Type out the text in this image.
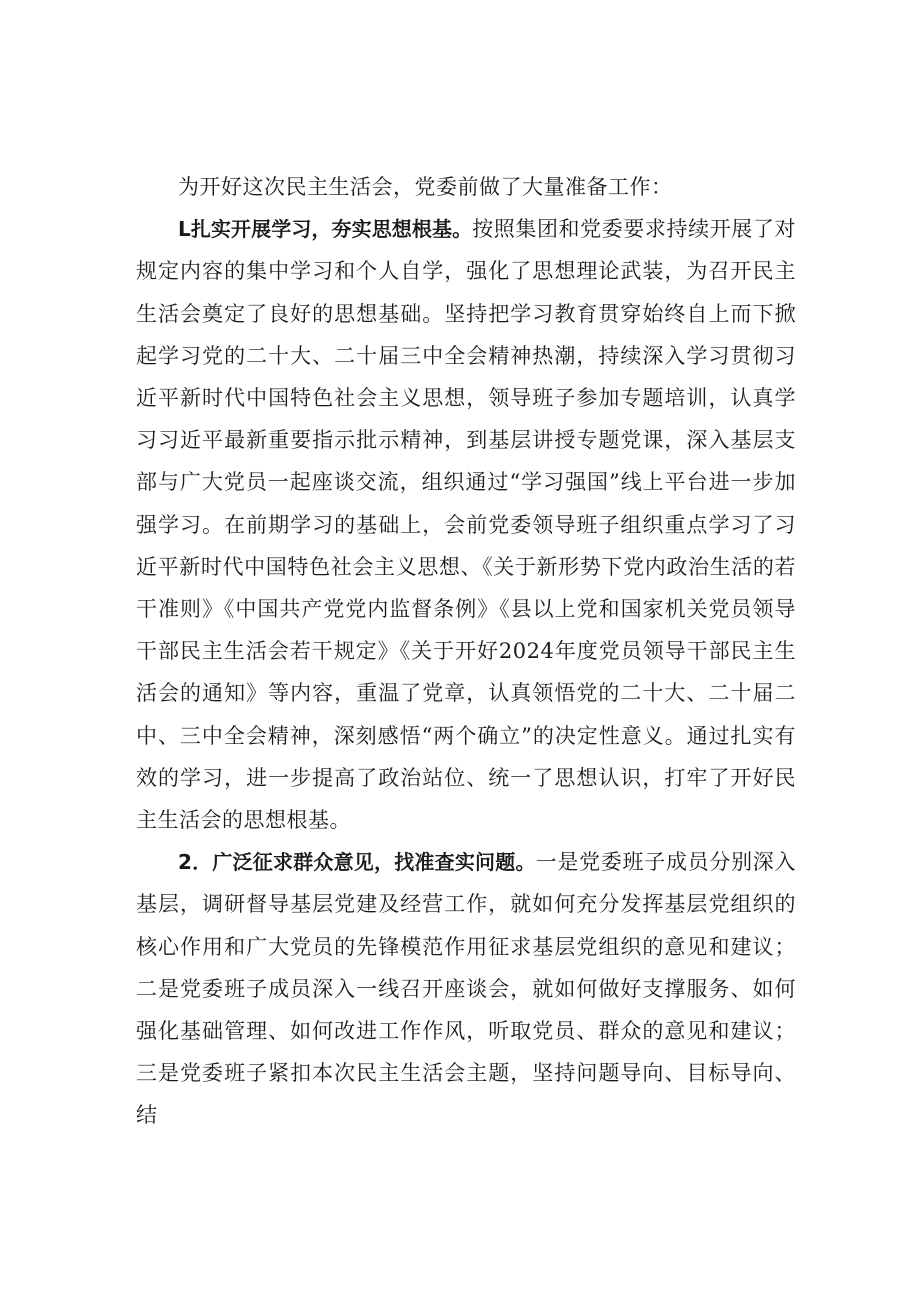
为开好这次民主生活会，党委前做了大量准备工作：

L扎实开展学习，夯实思想根基。按照集团和党委要求持续开展了对规定内容的集中学习和个人自学，强化了思想理论武装，为召开民主生活会奠定了良好的思想基础。坚持把学习教育贯穿始终自上而下掀起学习党的二十大、二十届三中全会精神热潮，持续深入学习贯彻习近平新时代中国特色社会主义思想，领导班子参加专题培训，认真学习习近平最新重要指示批示精神，到基层讲授专题党课，深入基层支部与广大党员一起座谈交流，组织通过“学习强国”线上平台进一步加强学习。在前期学习的基础上，会前党委领导班子组织重点学习了习近平新时代中国特色社会主义思想、《关于新形势下党内政治生活的若干准则》《中国共产党党内监督条例》《县以上党和国家机关党员领导干部民主生活会若干规定》《关于开好2024年度党员领导干部民主生活会的通知》等内容，重温了党章，认真领悟党的二十大、二十届二中、三中全会精神，深刻感悟“两个确立”的决定性意义。通过扎实有效的学习，进一步提高了政治站位、统一了思想认识，打牢了开好民主生活会的思想根基。

2．广泛征求群众意见，找准查实问题。一是党委班子成员分别深入基层，调研督导基层党建及经营工作，就如何充分发挥基层党组织的核心作用和广大党员的先锋模范作用征求基层党组织的意见和建议；二是党委班子成员深入一线召开座谈会，就如何做好支撑服务、如何强化基础管理、如何改进工作作风，听取党员、群众的意见和建议；三是党委班子紧扣本次民主生活会主题，坚持问题导向、目标导向、结
